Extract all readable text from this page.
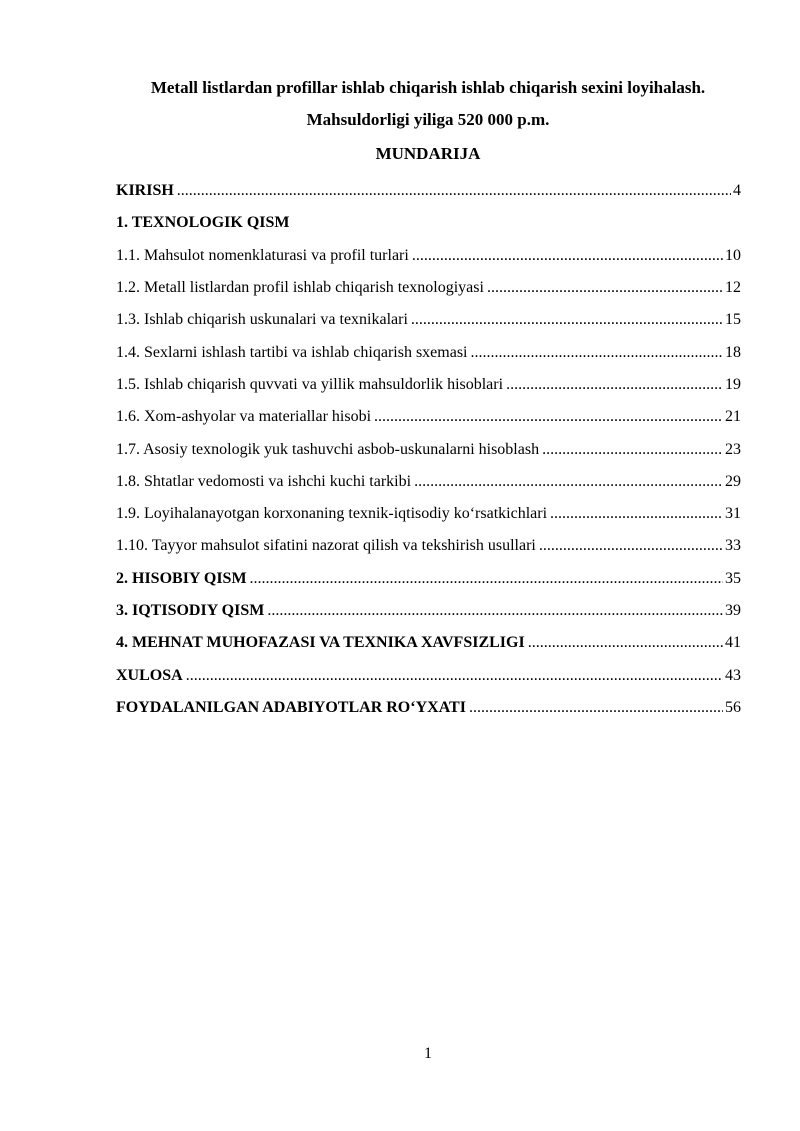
Metall listlardan profillar ishlab chiqarish ishlab chiqarish sexini loyihalash.
Mahsuldorligi yiliga 520 000 p.m.
MUNDARIJA
KIRISH .....	4
1. TEXNOLOGIK QISM
1.1. Mahsulot nomenklaturasi va profil turlari .....	10
1.2. Metall listlardan profil ishlab chiqarish texnologiyasi .....	12
1.3. Ishlab chiqarish uskunalari va texnikalari .....	15
1.4. Sexlarni ishlash tartibi va ishlab chiqarish sxemasi .....	18
1.5. Ishlab chiqarish quvvati va yillik mahsuldorlik hisoblari .....	19
1.6. Xom-ashyolar va materiallar hisobi .....	21
1.7. Asosiy texnologik yuk tashuvchi asbob-uskunalarni hisoblash .....	23
1.8. Shtatlar vedomosti va ishchi kuchi tarkibi .....	29
1.9. Loyihalanayotgan korxonaning texnik-iqtisodiy ko‘rsatkichlari .....	31
1.10. Tayyor mahsulot sifatini nazorat qilish va tekshirish usullari .....	33
2. HISOBIY QISM .....	35
3. IQTISODIY QISM .....	39
4. MEHNAT MUHOFAZASI VA TEXNIKA XAVFSIZLIGI .....	41
XULOSA .....	43
FOYDALANILGAN ADABIYOTLAR RO‘YXATI .....	56
1
